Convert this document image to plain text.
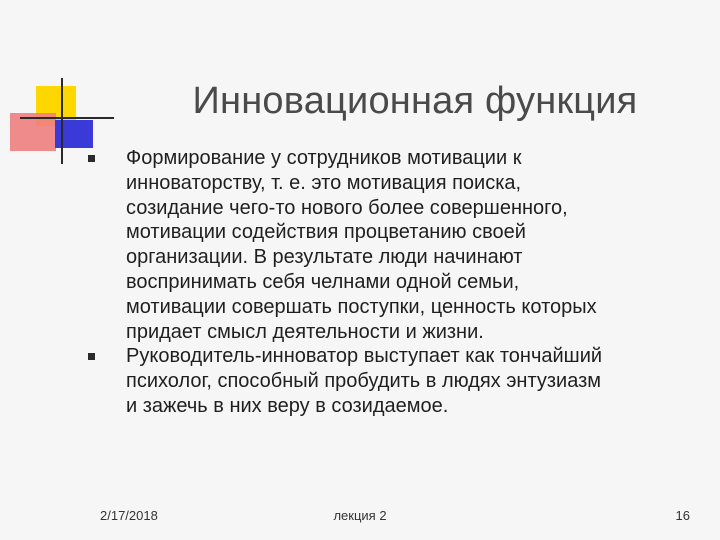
Инновационная функция
Формирование у сотрудников мотивации к
инноваторству, т. е. это мотивация поиска,
созидание чего-то нового более совершенного,
мотивации содействия процветанию своей
организации. В результате люди начинают
воспринимать себя челнами одной семьи,
мотивации совершать поступки, ценность которых
придает смысл деятельности и жизни.
Руководитель-инноватор выступает как тончайший
психолог, способный пробудить в людях энтузиазм
и зажечь в них веру в созидаемое.
2/17/2018	лекция 2	16
